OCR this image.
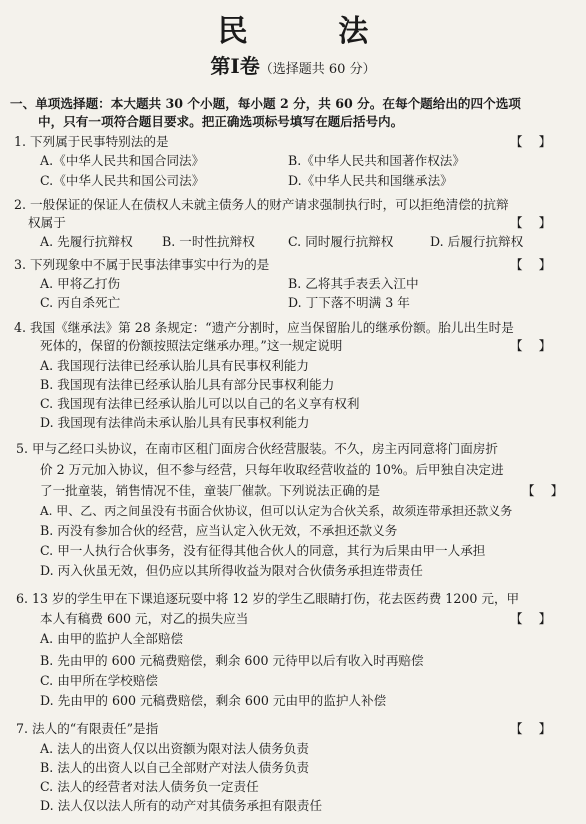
民 法
第Ⅰ卷（选择题共 60 分）
一、单项选择题：本大题共 30 个小题，每小题 2 分，共 60 分。在每个题给出的四个选项
中，只有一项符合题目要求。把正确选项标号填写在题后括号内。
1. 下列属于民事特别法的是	【    】
A.《中华人民共和国合同法》	B.《中华人民共和国著作权法》
C.《中华人民共和国公司法》	D.《中华人民共和国继承法》
2. 一般保证的保证人在债权人未就主债务人的财产请求强制执行时，可以拒绝清偿的抗辩
权属于	【    】
A. 先履行抗辩权 B. 一时性抗辩权	C. 同时履行抗辩权	D. 后履行抗辩权
3. 下列现象中不属于民事法律事实中行为的是	【    】
A. 甲将乙打伤	B. 乙将其手表丢入江中
C. 丙自杀死亡	D. 丁下落不明满 3 年
4. 我国《继承法》第 28 条规定：“遗产分割时，应当保留胎儿的继承份额。胎儿出生时是
死体的，保留的份额按照法定继承办理。”这一规定说明	【    】
A. 我国现行法律已经承认胎儿具有民事权利能力
B. 我国现有法律已经承认胎儿具有部分民事权利能力
C. 我国现有法律已经承认胎儿可以以自己的名义享有权利
D. 我国现有法律尚未承认胎儿具有民事权利能力
5. 甲与乙经口头协议，在南市区租门面房合伙经营服装。不久，房主丙同意将门面房折
价 2 万元加入协议，但不参与经营，只每年收取经营收益的 10%。后甲独自决定进
了一批童装，销售情况不佳，童装厂催款。下列说法正确的是	【    】
A. 甲、乙、丙之间虽没有书面合伙协议，但可以认定为合伙关系，故须连带承担还款义务
B. 丙没有参加合伙的经营，应当认定入伙无效，不承担还款义务
C. 甲一人执行合伙事务，没有征得其他合伙人的同意，其行为后果由甲一人承担
D. 丙入伙虽无效，但仍应以其所得收益为限对合伙债务承担连带责任
6. 13 岁的学生甲在下课追逐玩耍中将 12 岁的学生乙眼睛打伤，花去医药费 1200 元，甲
本人有稿费 600 元，对乙的损失应当	【    】
A. 由甲的监护人全部赔偿
B. 先由甲的 600 元稿费赔偿，剩余 600 元待甲以后有收入时再赔偿
C. 由甲所在学校赔偿
D. 先由甲的 600 元稿费赔偿，剩余 600 元由甲的监护人补偿
7. 法人的“有限责任”是指	【    】
A. 法人的出资人仅以出资额为限对法人债务负责
B. 法人的出资人以自己全部财产对法人债务负责
C. 法人的经营者对法人债务负一定责任
D. 法人仅以法人所有的动产对其债务承担有限责任
